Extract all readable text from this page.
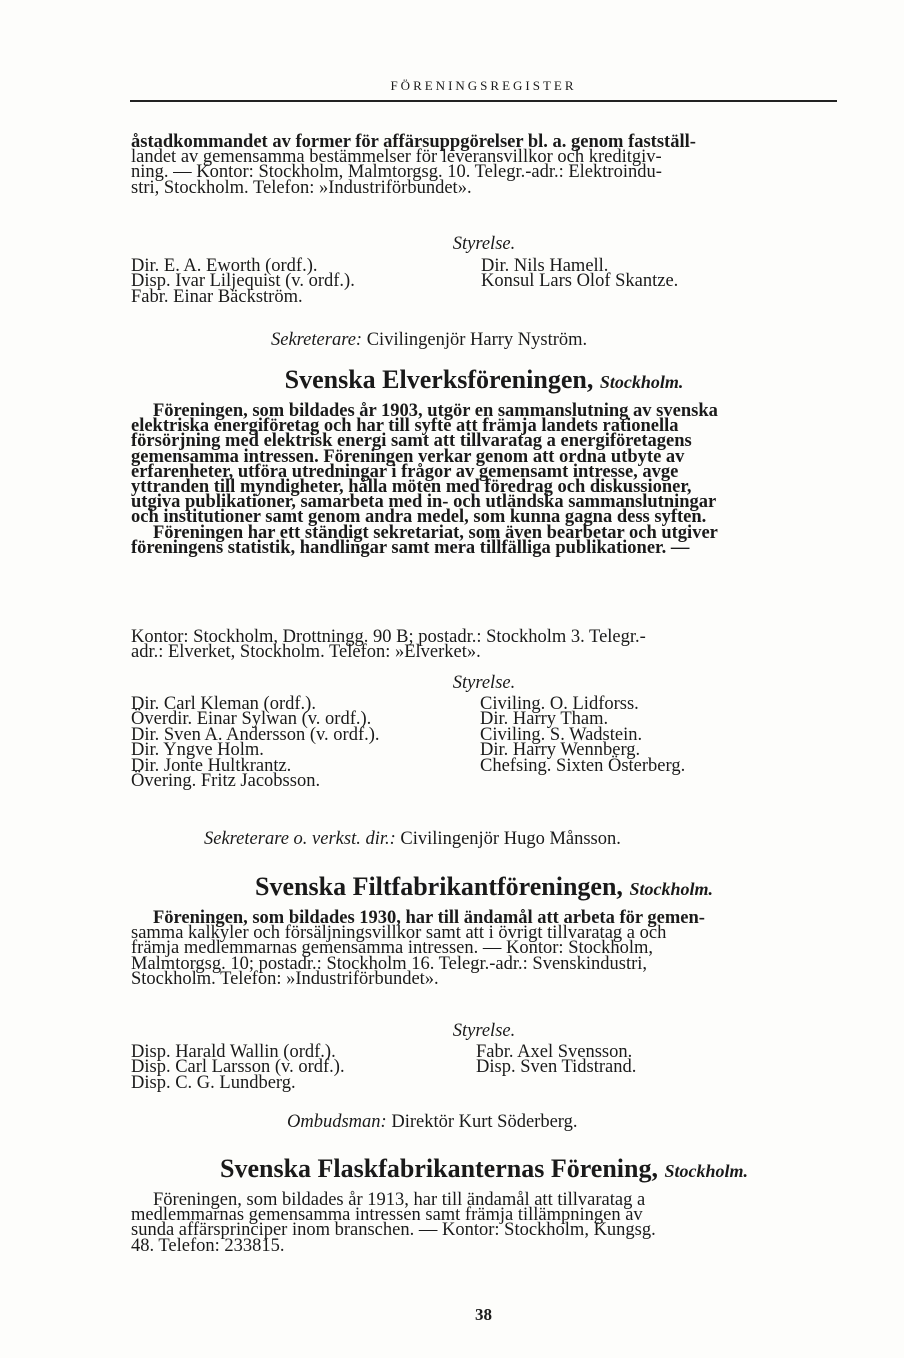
FÖRENINGSREGISTER
åstadkommandet av former för affärsuppgörelser bl. a. genom fastställ-
landet av gemensamma bestämmelser för leveransvillkor och kreditgiv-
ning. — Kontor: Stockholm, Malmtorgsg. 10. Telegr.-adr.: Elektroindu-
stri, Stockholm. Telefon: »Industriförbundet».
Styrelse.
Dir. E. A. Eworth (ordf.).
Disp. Ivar Liljequist (v. ordf.).
Fabr. Einar Bäckström.
Dir. Nils Hamell.
Konsul Lars Olof Skantze.
Sekreterare: Civilingenjör Harry Nyström.
Svenska Elverksföreningen, Stockholm.
Föreningen, som bildades år 1903, utgör en sammanslutning av svenska
elektriska energiföretag och har till syfte att främja landets rationella
försörjning med elektrisk energi samt att tillvaratag a energiföretagens
gemensamma intressen. Föreningen verkar genom att ordna utbyte av
erfarenheter, utföra utredningar i frågor av gemensamt intresse, avge
yttranden till myndigheter, hålla möten med föredrag och diskussioner,
utgiva publikationer, samarbeta med in- och utländska sammanslutningar
och institutioner samt genom andra medel, som kunna gagna dess syften.
Föreningen har ett ständigt sekretariat, som även bearbetar och utgiver
föreningens statistik, handlingar samt mera tillfälliga publikationer. —
Kontor: Stockholm, Drottningg. 90 B; postadr.: Stockholm 3. Telegr.-
adr.: Elverket, Stockholm. Telefon: »Elverket».
Styrelse.
Dir. Carl Kleman (ordf.).
Överdir. Einar Sylwan (v. ordf.).
Dir. Sven A. Andersson (v. ordf.).
Dir. Yngve Holm.
Dir. Jonte Hultkrantz.
Övering. Fritz Jacobsson.
Civiling. O. Lidforss.
Dir. Harry Tham.
Civiling. S. Wadstein.
Dir. Harry Wennberg.
Chefsing. Sixten Österberg.
Sekreterare o. verkst. dir.: Civilingenjör Hugo Månsson.
Svenska Filtfabrikantföreningen, Stockholm.
Föreningen, som bildades 1930, har till ändamål att arbeta för gemen-
samma kalkyler och försäljningsvillkor samt att i övrigt tillvaratag a och
främja medlemmarnas gemensamma intressen. — Kontor: Stockholm,
Malmtorgsg. 10; postadr.: Stockholm 16. Telegr.-adr.: Svenskindustri,
Stockholm. Telefon: »Industriförbundet».
Styrelse.
Disp. Harald Wallin (ordf.).
Disp. Carl Larsson (v. ordf.).
Disp. C. G. Lundberg.
Fabr. Axel Svensson.
Disp. Sven Tidstrand.
Ombudsman: Direktör Kurt Söderberg.
Svenska Flaskfabrikanternas Förening, Stockholm.
Föreningen, som bildades år 1913, har till ändamål att tillvaratag a
medlemmarnas gemensamma intressen samt främja tillämpningen av
sunda affärsprinciper inom branschen. — Kontor: Stockholm, Kungsg.
48. Telefon: 233815.
38
